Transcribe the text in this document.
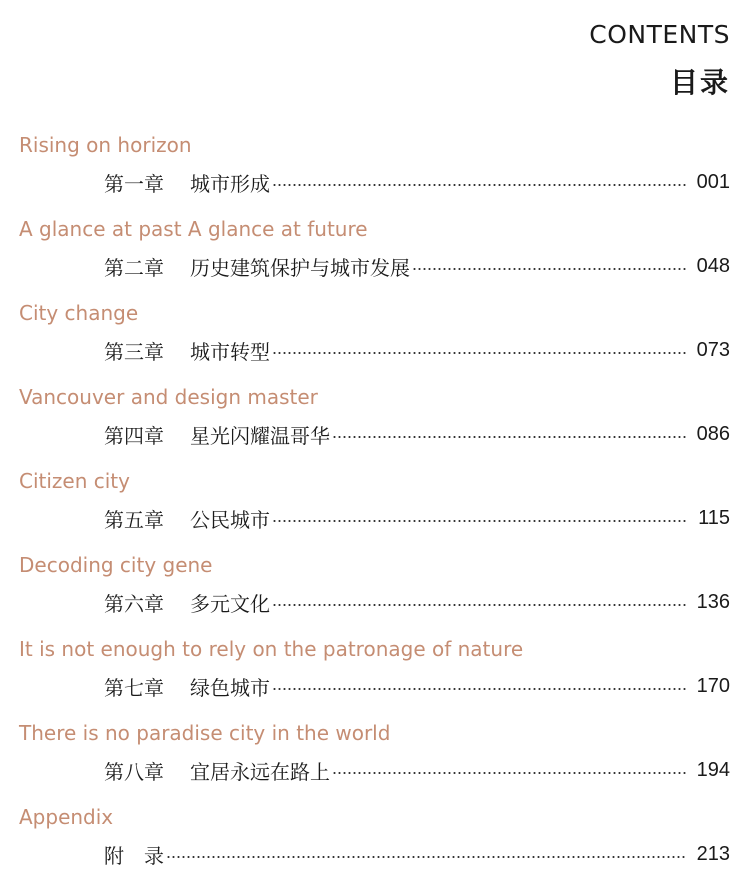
CONTENTS
目录
Rising on horizon
第一章	城市形成	001
A glance at past A glance at future
第二章	历史建筑保护与城市发展	048
City change
第三章	城市转型	073
Vancouver and design master
第四章	星光闪耀温哥华	086
Citizen city
第五章	公民城市	115
Decoding city gene
第六章	多元文化	136
It is not enough to rely on the patronage of nature
第七章	绿色城市	170
There is no paradise city in the world
第八章	宜居永远在路上	194
Appendix
附　录	213
